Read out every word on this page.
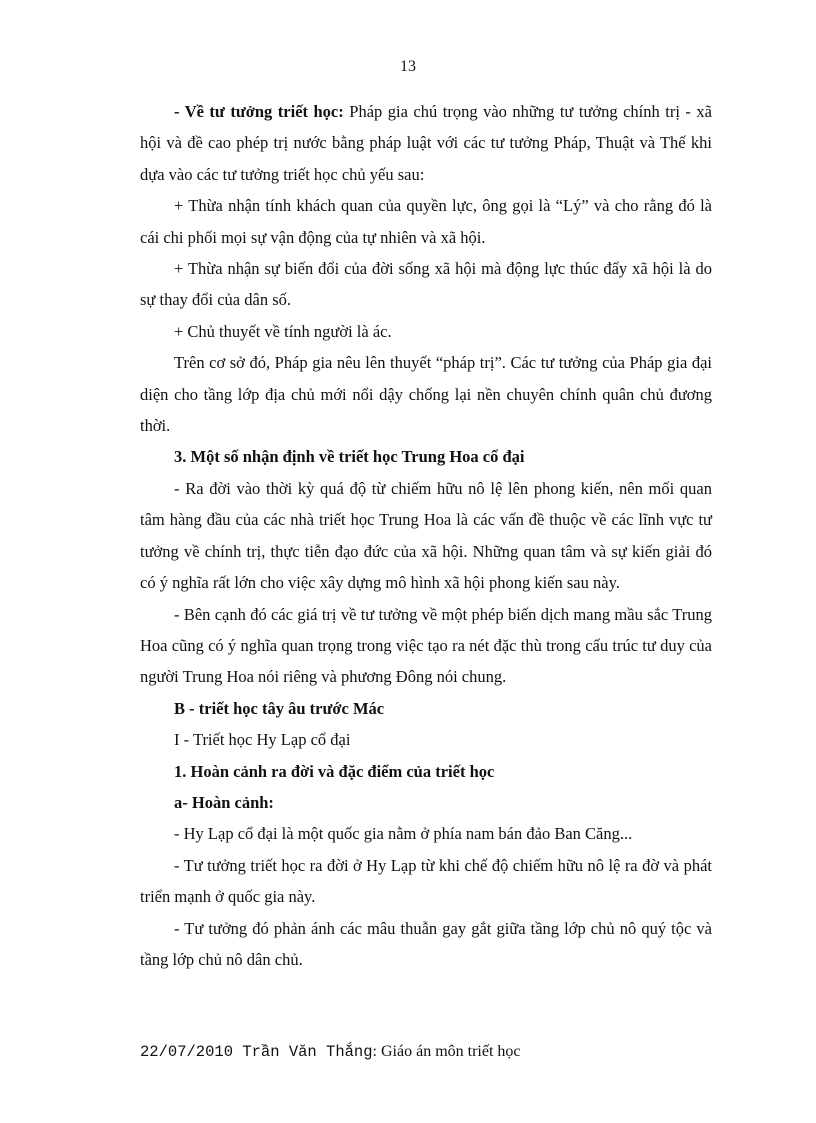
13

- Về tư tưởng triết học: Pháp gia chú trọng vào những tư tưởng chính trị - xã hội và đề cao phép trị nước bằng pháp luật với các tư tưởng Pháp, Thuật và Thế khi dựa vào các tư tưởng triết học chủ yếu sau:

+ Thừa nhận tính khách quan của quyền lực, ông gọi là “Lý” và cho rằng đó là cái chi phối mọi sự vận động của tự nhiên và xã hội.

+ Thừa nhận sự biến đổi của đời sống xã hội mà động lực thúc đẩy xã hội là do sự thay đổi của dân số.

+ Chủ thuyết về tính người là ác.

Trên cơ sở đó, Pháp gia nêu lên thuyết “pháp trị”. Các tư tưởng của Pháp gia đại diện cho tầng lớp địa chủ mới nổi dậy chống lại nền chuyên chính quân chủ đương thời.

3. Một số nhận định về triết học Trung Hoa cổ đại

- Ra đời vào thời kỳ quá độ từ chiếm hữu nô lệ lên phong kiến, nên mối quan tâm hàng đầu của các nhà triết học Trung Hoa là các vấn đề thuộc về các lĩnh vực tư tưởng về chính trị, thực tiễn đạo đức của xã hội. Những quan tâm và sự kiến giải đó có ý nghĩa rất lớn cho việc xây dựng mô hình xã hội phong kiến sau này.

- Bên cạnh đó các giá trị về tư tưởng về một phép biến dịch mang mầu sắc Trung Hoa cũng có ý nghĩa quan trọng trong việc tạo ra nét đặc thù trong cấu trúc tư duy của người Trung Hoa nói riêng và phương Đông nói chung.

B - triết học tây âu trước Mác

I - Triết học Hy Lạp cổ đại

1. Hoàn cảnh ra đời và đặc điểm của triết học

a- Hoàn cảnh:

- Hy Lạp cổ đại là một quốc gia nằm ở phía nam bán đảo Ban Căng...

- Tư tưởng triết học ra đời ở Hy Lạp từ khi chế độ chiếm hữu nô lệ ra đờ và phát triển mạnh ở quốc gia này.

- Tư tưởng đó phản ánh các mâu thuẫn gay gắt giữa tầng lớp chủ nô quý tộc và tầng lớp chủ nô dân chủ.

22/07/2010 Trần Văn Thắng: Giáo án môn triết học
